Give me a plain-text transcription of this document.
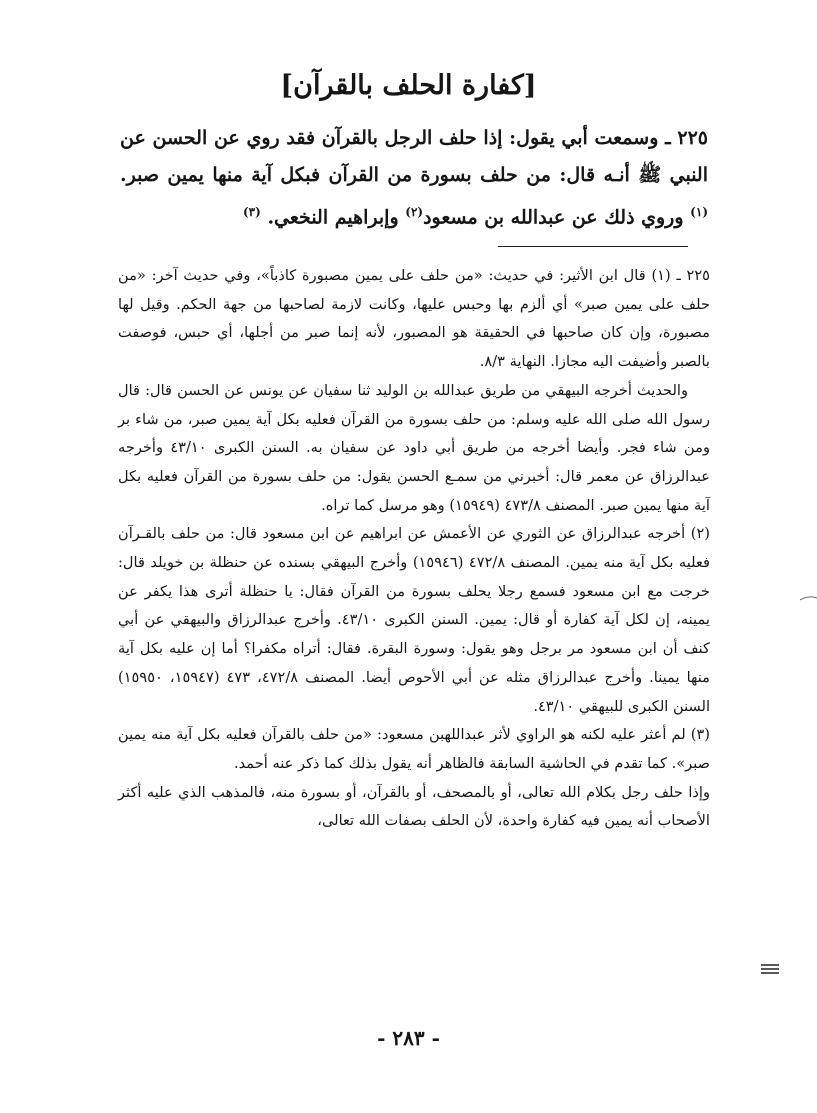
[كفارة الحلف بالقرآن]
٢٢٥ ـ وسمعت أبي يقول: إذا حلف الرجل بالقرآن فقد روي عن الحسن عن النبي ﷺ أنـه قال: من حلف بسورة من القرآن فبكل آية منها يمين صبر. $^{(١)}$ وروي ذلك عن عبدالله بن مسعود$^{(٢)}$ وإبراهيم النخعي. $^{(٣)}$

٢٢٥ ـ (١) قال ابن الأثير: في حديث: «من حلف على يمين مصبورة كاذباً»، وفي حديث آخر: «من حلف على يمين صبر» أي ألزم بها وحبس عليها، وكانت لازمة لصاحبها من جهة الحكم. وقيل لها مصبورة، وإن كان صاحبها في الحقيقة هو المصبور، لأنه إنما صبر من أجلها، أي حبس، فوصفت بالصبر وأضيفت اليه مجازا. النهاية ٨/٣.

والحديث أخرجه البيهقي من طريق عبدالله بن الوليد ثنا سفيان عن يونس عن الحسن قال: قال رسول الله صلى الله عليه وسلم: من حلف بسورة من القرآن فعليه بكل آية يمين صبر، من شاء بر ومن شاء فجر. وأيضا أخرجه من طريق أبي داود عن سفيان به. السنن الكبرى ٤٣/١٠ وأخرجه عبدالرزاق عن معمر قال: أخبرني من سمـع الحسن يقول: من حلف بسورة من القرآن فعليه بكل آية منها يمين صبر. المصنف ٤٧٣/٨ (١٥٩٤٩) وهو مرسل كما تراه.

(٢) أخرجه عبدالرزاق عن الثوري عن الأعمش عن ابراهيم عن ابن مسعود قال: من حلف بالقـرآن فعليه بكل آية منه يمين. المصنف ٤٧٢/٨ (١٥٩٤٦) وأخرج البيهقي بسنده عن حنظلة بن خويلد قال: خرجت مع ابن مسعود فسمع رجلا يحلف بسورة من القرآن فقال: يا حنظلة أترى هذا يكفر عن يمينه، إن لكل آية كفارة أو قال: يمين. السنن الكبرى ٤٣/١٠. وأخرج عبدالرزاق والبيهقي عن أبي كنف أن ابن مسعود مر برجل وهو يقول: وسورة البقرة. فقال: أتراه مكفرا؟ أما إن عليه بكل آية منها يمينا. وأخرج عبدالرزاق مثله عن أبي الأحوص أيضا. المصنف ٤٧٢/٨، ٤٧٣ (١٥٩٤٧، ١٥٩٥٠) السنن الكبرى للبيهقي ٤٣/١٠.

(٣) لم أعثر عليه لكنه هو الراوي لأثر عبداللهبن مسعود: «من حلف بالقرآن فعليه بكل آية منه يمين صبر». كما تقدم في الحاشية السابقة فالظاهر أنه يقول بذلك كما ذكر عنه أحمد.

وإذا حلف رجل بكلام الله تعالى، أو بالمصحف، أو بالقرآن، أو بسورة منه، فالمذهب الذي عليه أكثر الأصحاب أنه يمين فيه كفارة واحدة، لأن الحلف بصفات الله تعالى،

- ٢٨٣ -
